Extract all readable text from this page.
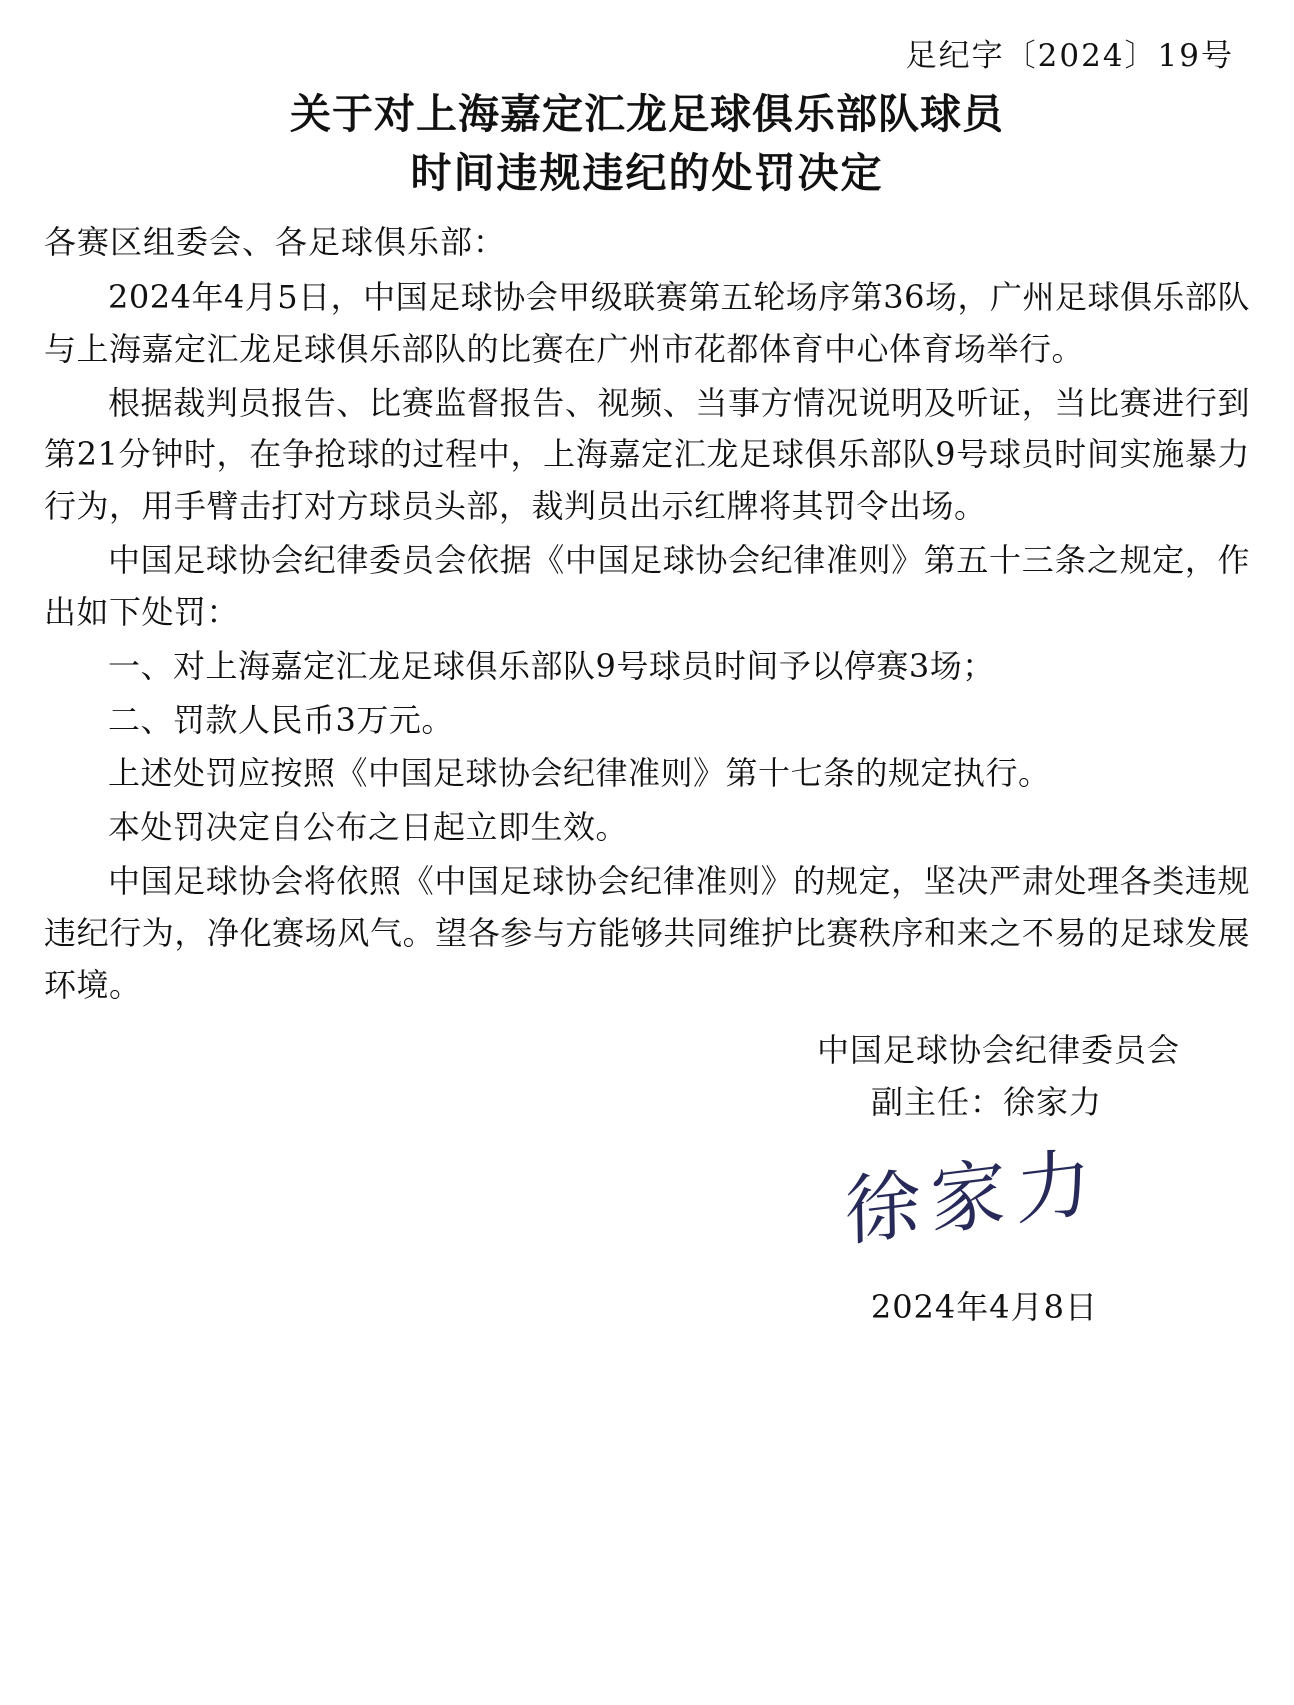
足纪字〔2024〕19号
关于对上海嘉定汇龙足球俱乐部队球员
时间违规违纪的处罚决定
各赛区组委会、各足球俱乐部：

2024年4月5日，中国足球协会甲级联赛第五轮场序第36场，广州足球俱乐部队与上海嘉定汇龙足球俱乐部队的比赛在广州市花都体育中心体育场举行。

根据裁判员报告、比赛监督报告、视频、当事方情况说明及听证，当比赛进行到第21分钟时，在争抢球的过程中，上海嘉定汇龙足球俱乐部队9号球员时间实施暴力行为，用手臂击打对方球员头部，裁判员出示红牌将其罚令出场。

中国足球协会纪律委员会依据《中国足球协会纪律准则》第五十三条之规定，作出如下处罚：

一、对上海嘉定汇龙足球俱乐部队9号球员时间予以停赛3场；

二、罚款人民币3万元。

上述处罚应按照《中国足球协会纪律准则》第十七条的规定执行。

本处罚决定自公布之日起立即生效。

中国足球协会将依照《中国足球协会纪律准则》的规定，坚决严肃处理各类违规违纪行为，净化赛场风气。望各参与方能够共同维护比赛秩序和来之不易的足球发展环境。

中国足球协会纪律委员会
副主任：徐家力
徐家力
2024年4月8日
